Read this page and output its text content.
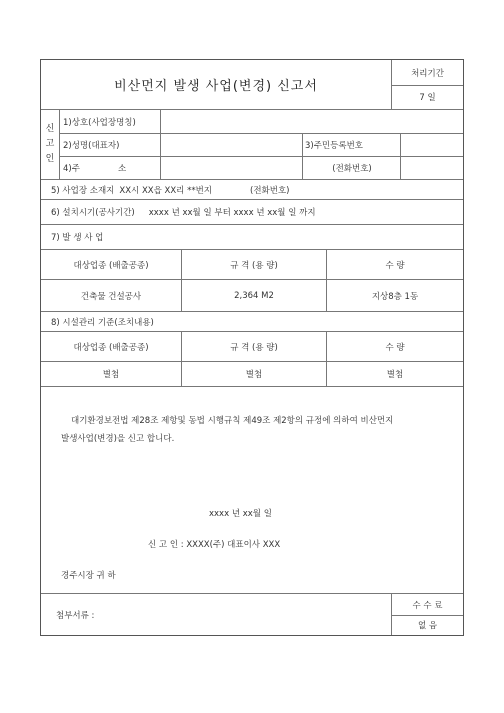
비산먼지 발생 사업(변경) 신고서
처리기간
7 일
신
고
인
1)상호(사업장명칭)
2)성명(대표자)	3)주민등록번호
4)주	소	(전화번호)
5) 사업장 소재지 XX시 XX읍 XX리 **번지	(전화번호)
6) 설치시기(공사기간) xxxx 년 xx월 일 부터 xxxx 년 xx월 일 까지
7) 발 생 사 업
대상업종 (배출공종)	규 격 (용 량)	수 량
건축물 건설공사	2,364 M2	지상8층 1동
8) 시설관리 기준(조치내용)
대상업종 (배출공종)	규 격 (용 량)	수 량
별첨	별첨	별첨
대기환경보전법 제28조 제항및 동법 시행규칙 제49조 제2항의 규정에 의하여 비산먼지
발생사업(변경)을 신고 합니다.
xxxx 년 xx월 일
신 고 인 : XXXX(주) 대표이사 XXX
경주시장 귀 하
첨부서류 :
수 수 료
없 음
